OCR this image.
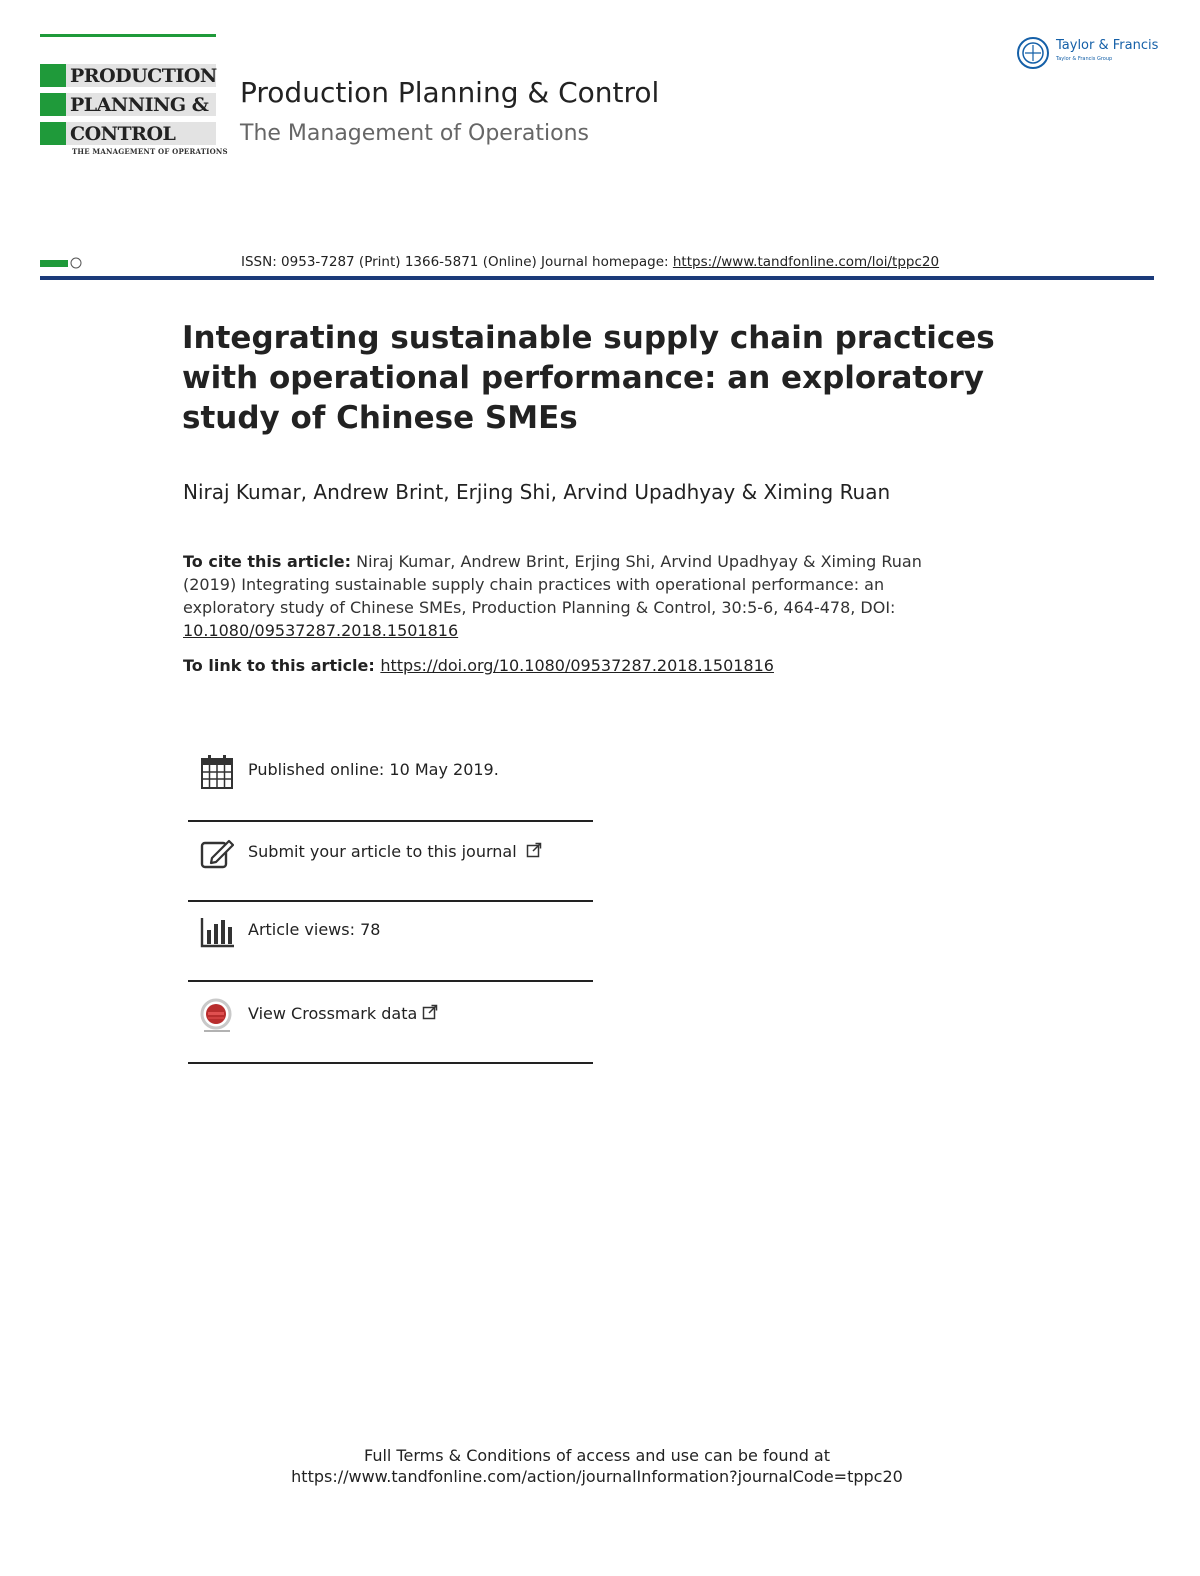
PRODUCTION
PLANNING &
CONTROL
THE MANAGEMENT OF OPERATIONS
Production Planning & Control
The Management of Operations
Taylor & Francis
Taylor & Francis Group
ISSN: 0953-7287 (Print) 1366-5871 (Online) Journal homepage: https://www.tandfonline.com/loi/tppc20
Integrating sustainable supply chain practices with operational performance: an exploratory study of Chinese SMEs
Niraj Kumar, Andrew Brint, Erjing Shi, Arvind Upadhyay & Ximing Ruan
To cite this article: Niraj Kumar, Andrew Brint, Erjing Shi, Arvind Upadhyay & Ximing Ruan (2019) Integrating sustainable supply chain practices with operational performance: an exploratory study of Chinese SMEs, Production Planning & Control, 30:5-6, 464-478, DOI:
10.1080/09537287.2018.1501816
To link to this article: https://doi.org/10.1080/09537287.2018.1501816
Published online: 10 May 2019.
Submit your article to this journal
Article views: 78
View Crossmark data
Full Terms & Conditions of access and use can be found at
https://www.tandfonline.com/action/journalInformation?journalCode=tppc20
